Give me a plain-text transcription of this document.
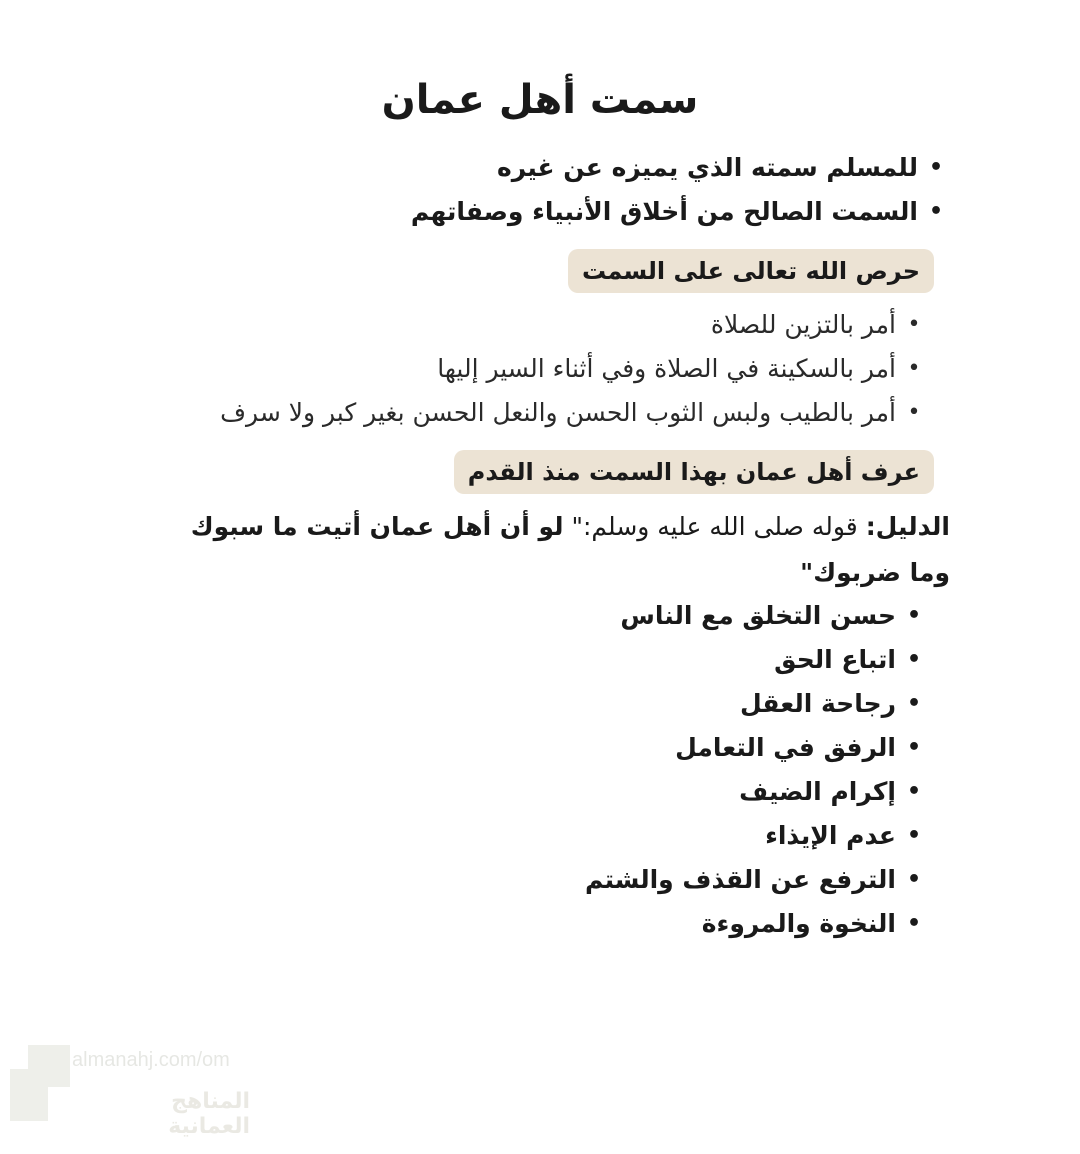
سمت أهل عمان
•
للمسلم سمته الذي يميزه عن غيره
•
السمت الصالح من أخلاق الأنبياء وصفاتهم
حرص الله تعالى على السمت
•
أمر بالتزين للصلاة
•
أمر بالسكينة في الصلاة وفي أثناء السير إليها
•
أمر بالطيب ولبس الثوب الحسن والنعل الحسن بغير كبر ولا سرف
عرف أهل عمان بهذا السمت منذ القدم

الدليل: قوله صلى الله عليه وسلم:" لو أن أهل عمان أتيت ما سبوك وما ضربوك"

•
حسن التخلق مع الناس
•
اتباع الحق
•
رجاحة العقل
•
الرفق في التعامل
•
إكرام الضيف
•
عدم الإيذاء
•
الترفع عن القذف والشتم
•
النخوة والمروءة
almanahj.com/om
المناهج العمانية
